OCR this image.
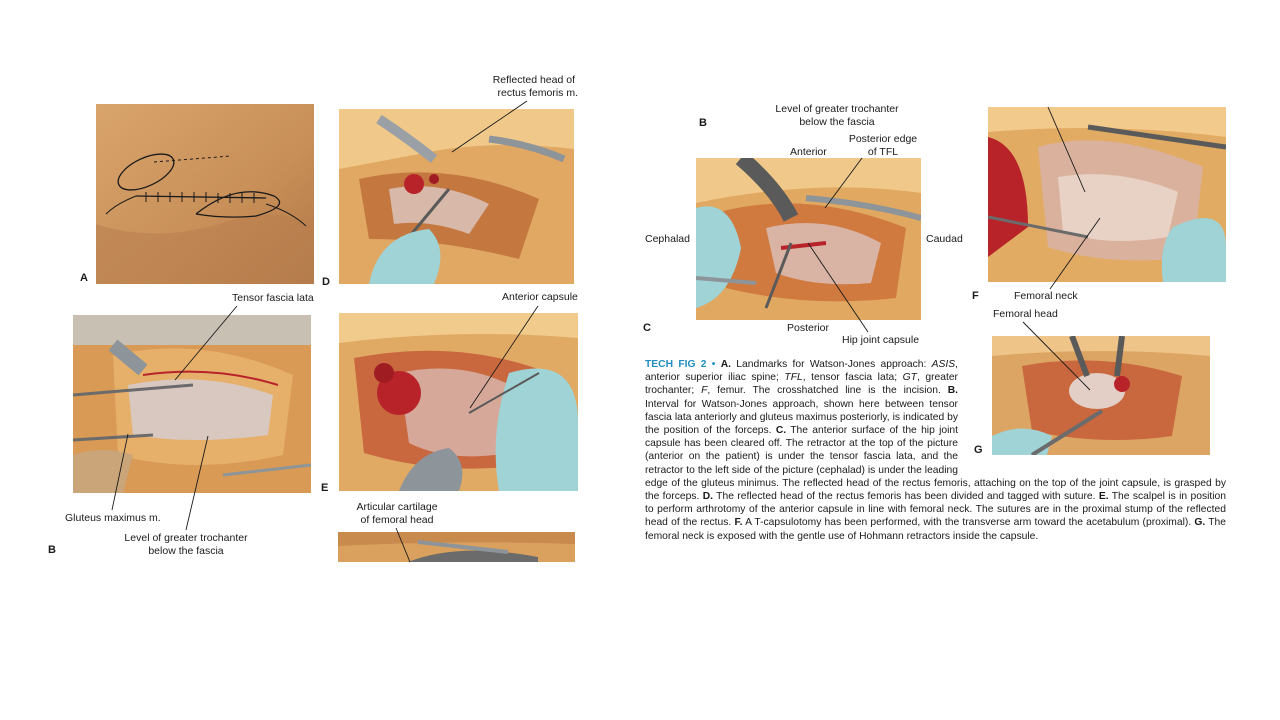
A	D
Reflected head of
rectus femoris m.
B
Tensor fascia lata
Gluteus maximus m.
Level of greater trochanter
below the fascia
E
Anterior capsule
Articular cartilage
of femoral head
B
Level of greater trochanter
below the fascia
C
Anterior
Posterior edge
of TFL
Cephalad	Caudad
Posterior
Hip joint capsule
F	Femoral neck
Femoral head
G
TECH FIG 2 • A. Landmarks for Watson-Jones approach: ASIS, anterior superior iliac spine; TFL, tensor fascia lata; GT, greater trochanter; F, femur. The crosshatched line is the incision. B. Interval for Watson-Jones approach, shown here between tensor fascia lata anteriorly and gluteus maximus posteriorly, is indicated by the position of the forceps. C. The anterior surface of the hip joint capsule has been cleared off. The retractor at the top of the picture (anterior on the patient) is under the tensor fascia lata, and the retractor to the left side of the picture (cephalad) is under the leading edge of the gluteus minimus. The reflected head of the rectus femoris, attaching on the top of the joint capsule, is grasped by the forceps. D. The reflected head of the rectus femoris has been divided and tagged with suture. E. The scalpel is in position to perform arthrotomy of the anterior capsule in line with femoral neck. The sutures are in the proximal stump of the reflected head of the rectus. F. A T-capsulotomy has been performed, with the transverse arm toward the acetabulum (proximal). G. The femoral neck is exposed with the gentle use of Hohmann retractors inside the capsule.
